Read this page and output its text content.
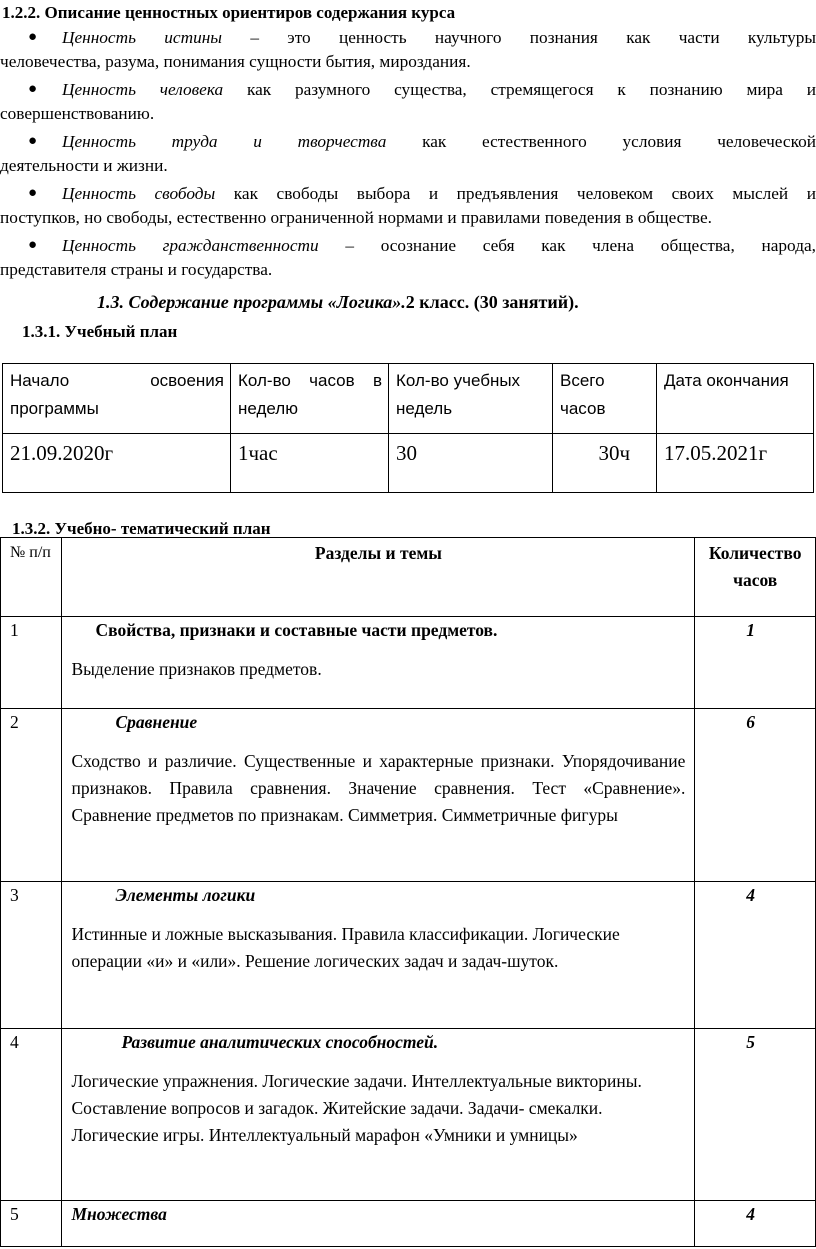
1.2.2. Описание ценностных ориентиров содержания курса
● Ценность истины – это ценность научного познания как части культуры
человечества, разума, понимания сущности бытия, мироздания.
● Ценность человека как разумного существа, стремящегося к познанию мира и
совершенствованию.
● Ценность труда и творчества как естественного условия человеческой
деятельности и жизни.
● Ценность свободы как свободы выбора и предъявления человеком своих мыслей и
поступков, но свободы, естественно ограниченной нормами и правилами поведения в обществе.
● Ценность гражданственности – осознание себя как члена общества, народа,
представителя страны и государства.
1.3. Содержание программы «Логика».2 класс. (30 занятий).
1.3.1. Учебный план
Начало освоения программы	Кол-во часов в неделю	Кол-во учебных недель	Всего часов	Дата окончания
21.09.2020г	1час	30	30ч	17.05.2021г
1.3.2. Учебно- тематический план
№ п/п	Разделы и темы	Количество часов
1	Свойства, признаки и составные части предметов.
Выделение признаков предметов.	1

2	Сравнение
Сходство и различие. Существенные и характерные признаки. Упорядочивание признаков. Правила сравнения. Значение сравнения. Тест «Сравнение». Сравнение предметов по признакам. Симметрия. Симметричные фигуры	6

3	Элементы логики
Истинные и ложные высказывания. Правила классификации. Логические операции «и» и «или». Решение логических задач и задач-шуток.	4

4	Развитие аналитических способностей.
Логические упражнения. Логические задачи. Интеллектуальные викторины. Составление вопросов и загадок. Житейские задачи. Задачи- смекалки. Логические игры. Интеллектуальный марафон «Умники и умницы»	5

5	Множества	4
